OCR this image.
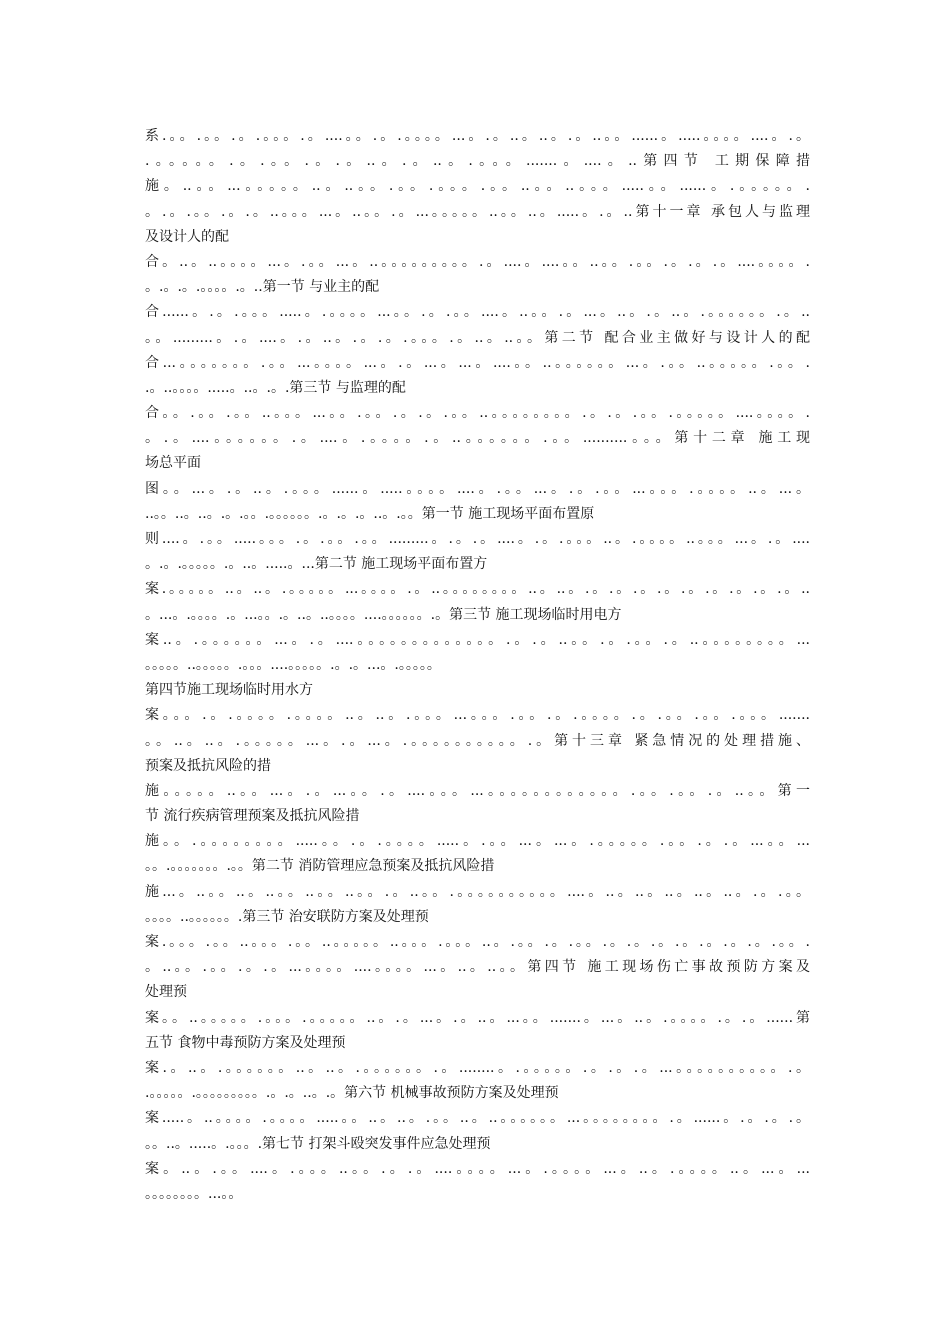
系.。。.。。.。.。。。.。....。。.。.。。。。...。.。..。..。.。..。。......。.....。。。。....。.。
.。。。。。.。.。。.。.。..。.。..。.。。。.......。....。..第四节 工期保障措
施。..。。...。。。。。..。..。。.。。.。。。.。。..。。..。。。.....。。......。.。。。。。.
。.。.。。.。.。..。。。...。..。。.。...。。。。。..。。..。.....。.。..第十一章 承包人与监理
及设计人的配
合。..。..。。。。...。.。。...。..。。。。。。。。。.。....。....。。..。。.。。.。.。.。....。。。。.
。.。.。.。。。。.。..第一节 与业主的配
合......。.。.。。。.....。.。。。。...。。.。.。。....。..。。.。...。..。.。..。.。。。。。。.。..
。。.........。.。....。.。..。.。.。.。。。.。..。..。。第二节 配合业主做好与设计人的配
合...。。。。。。。.。。...。。。。...。.。...。...。....。。..。。。。。。...。.。。..。。。。。.。。.
.。..。。。。.....。..。.。.第三节 与监理的配
合。。.。。.。。..。。。...。。.。。.。.。.。。..。。。。。。。。.。.。.。。.。。。。。....。。。。.
。.。....。。。。。。.。....。.。。。。.。..。。。。。。.。。..........。。。第十二章 施工现
场总平面
图。。...。.。..。.。。。......。.....。。。。....。.。。...。.。.。。...。。。.。。。。..。...。
..。。..。..。.。.。。.。。。。。。.。.。.。..。.。。第一节 施工现场平面布置原
则....。.。。.....。。。.。.。。.。。.........。.。.。....。.。.。。。..。.。。。。..。。。...。.。....
。.。.。。。。。.。..。.....。...第二节 施工现场平面布置方
案.。。。。。..。..。.。。。。。...。。。。.。..。。。。。。。。..。..。.。.。.。.。.。.。.。.。.。..
。...。.。。。。.。...。。.。..。..。。。。....。。。。。。.。第三节 施工现场临时用电方
案..。.。。。。。。...。.。....。。。。。。。。。。。。。.。.。..。。.。.。。.。..。。。。。。。。...
。。。。。..。。。。。.。。。....。。。。。.。.。...。.。。。。。
第四节施工现场临时用水方
案。。。.。.。。。。.。。。。..。..。.。。。...。。。.。。.。.。。。。.。.。。.。。.。。。.......
。。..。..。.。。。。。...。.。...。.。。。。。。。。。。.。第十三章 紧急情况的处理措施、
预案及抵抗风险的措
施。。。。。..。。...。.。...。。.。....。。。...。。。。。。。。。。。。.。。.。。.。..。。第一
节 流行疾病管理预案及抵抗风险措
施。。.。。。。。。。。.....。。.。.。。。。.....。.。。...。...。.。。。。。.。。.。.。...。。...
。。.。。。。。。。.。。第二节 消防管理应急预案及抵抗风险措
施...。..。。..。..。。..。。..。。.。..。。.。。。。。。。。。。....。..。..。..。..。..。.。.。。
。。。。..。。。。。。.第三节 治安联防方案及处理预
案.。。。.。。..。。。.。。..。。。。。..。。。.。。。..。.。。.。.。。.。.。.。.。.。.。.。.。。.
。..。。.。。.。.。...。。。。....。。。。...。..。..。。第四节 施工现场伤亡事故预防方案及
处理预
案。。..。。。。。.。。。.。。。。。..。.。...。.。..。...。。.......。...。..。.。。。。.。.。......第
五节 食物中毒预防方案及处理预
案.。..。.。。。。。。..。..。.。。。。。。.。........。.。。。。。.。.。.。...。。。。。。。。。。.。
.。。。。。.。。。。。。。。。.。.。..。.。第六节 机械事故预防方案及处理预
案.....。..。。。。.。。。。.....。。..。..。.。。..。..。。。。。。...。。。。。。。。.。......。.。.。.。
。。..。.....。.。。。.第七节 打架斗殴突发事件应急处理预
案。..。.。。....。.。。。..。。.。.。....。。。。...。.。。。。...。..。.。。。。..。...。...
。。。。。。。。...。。
